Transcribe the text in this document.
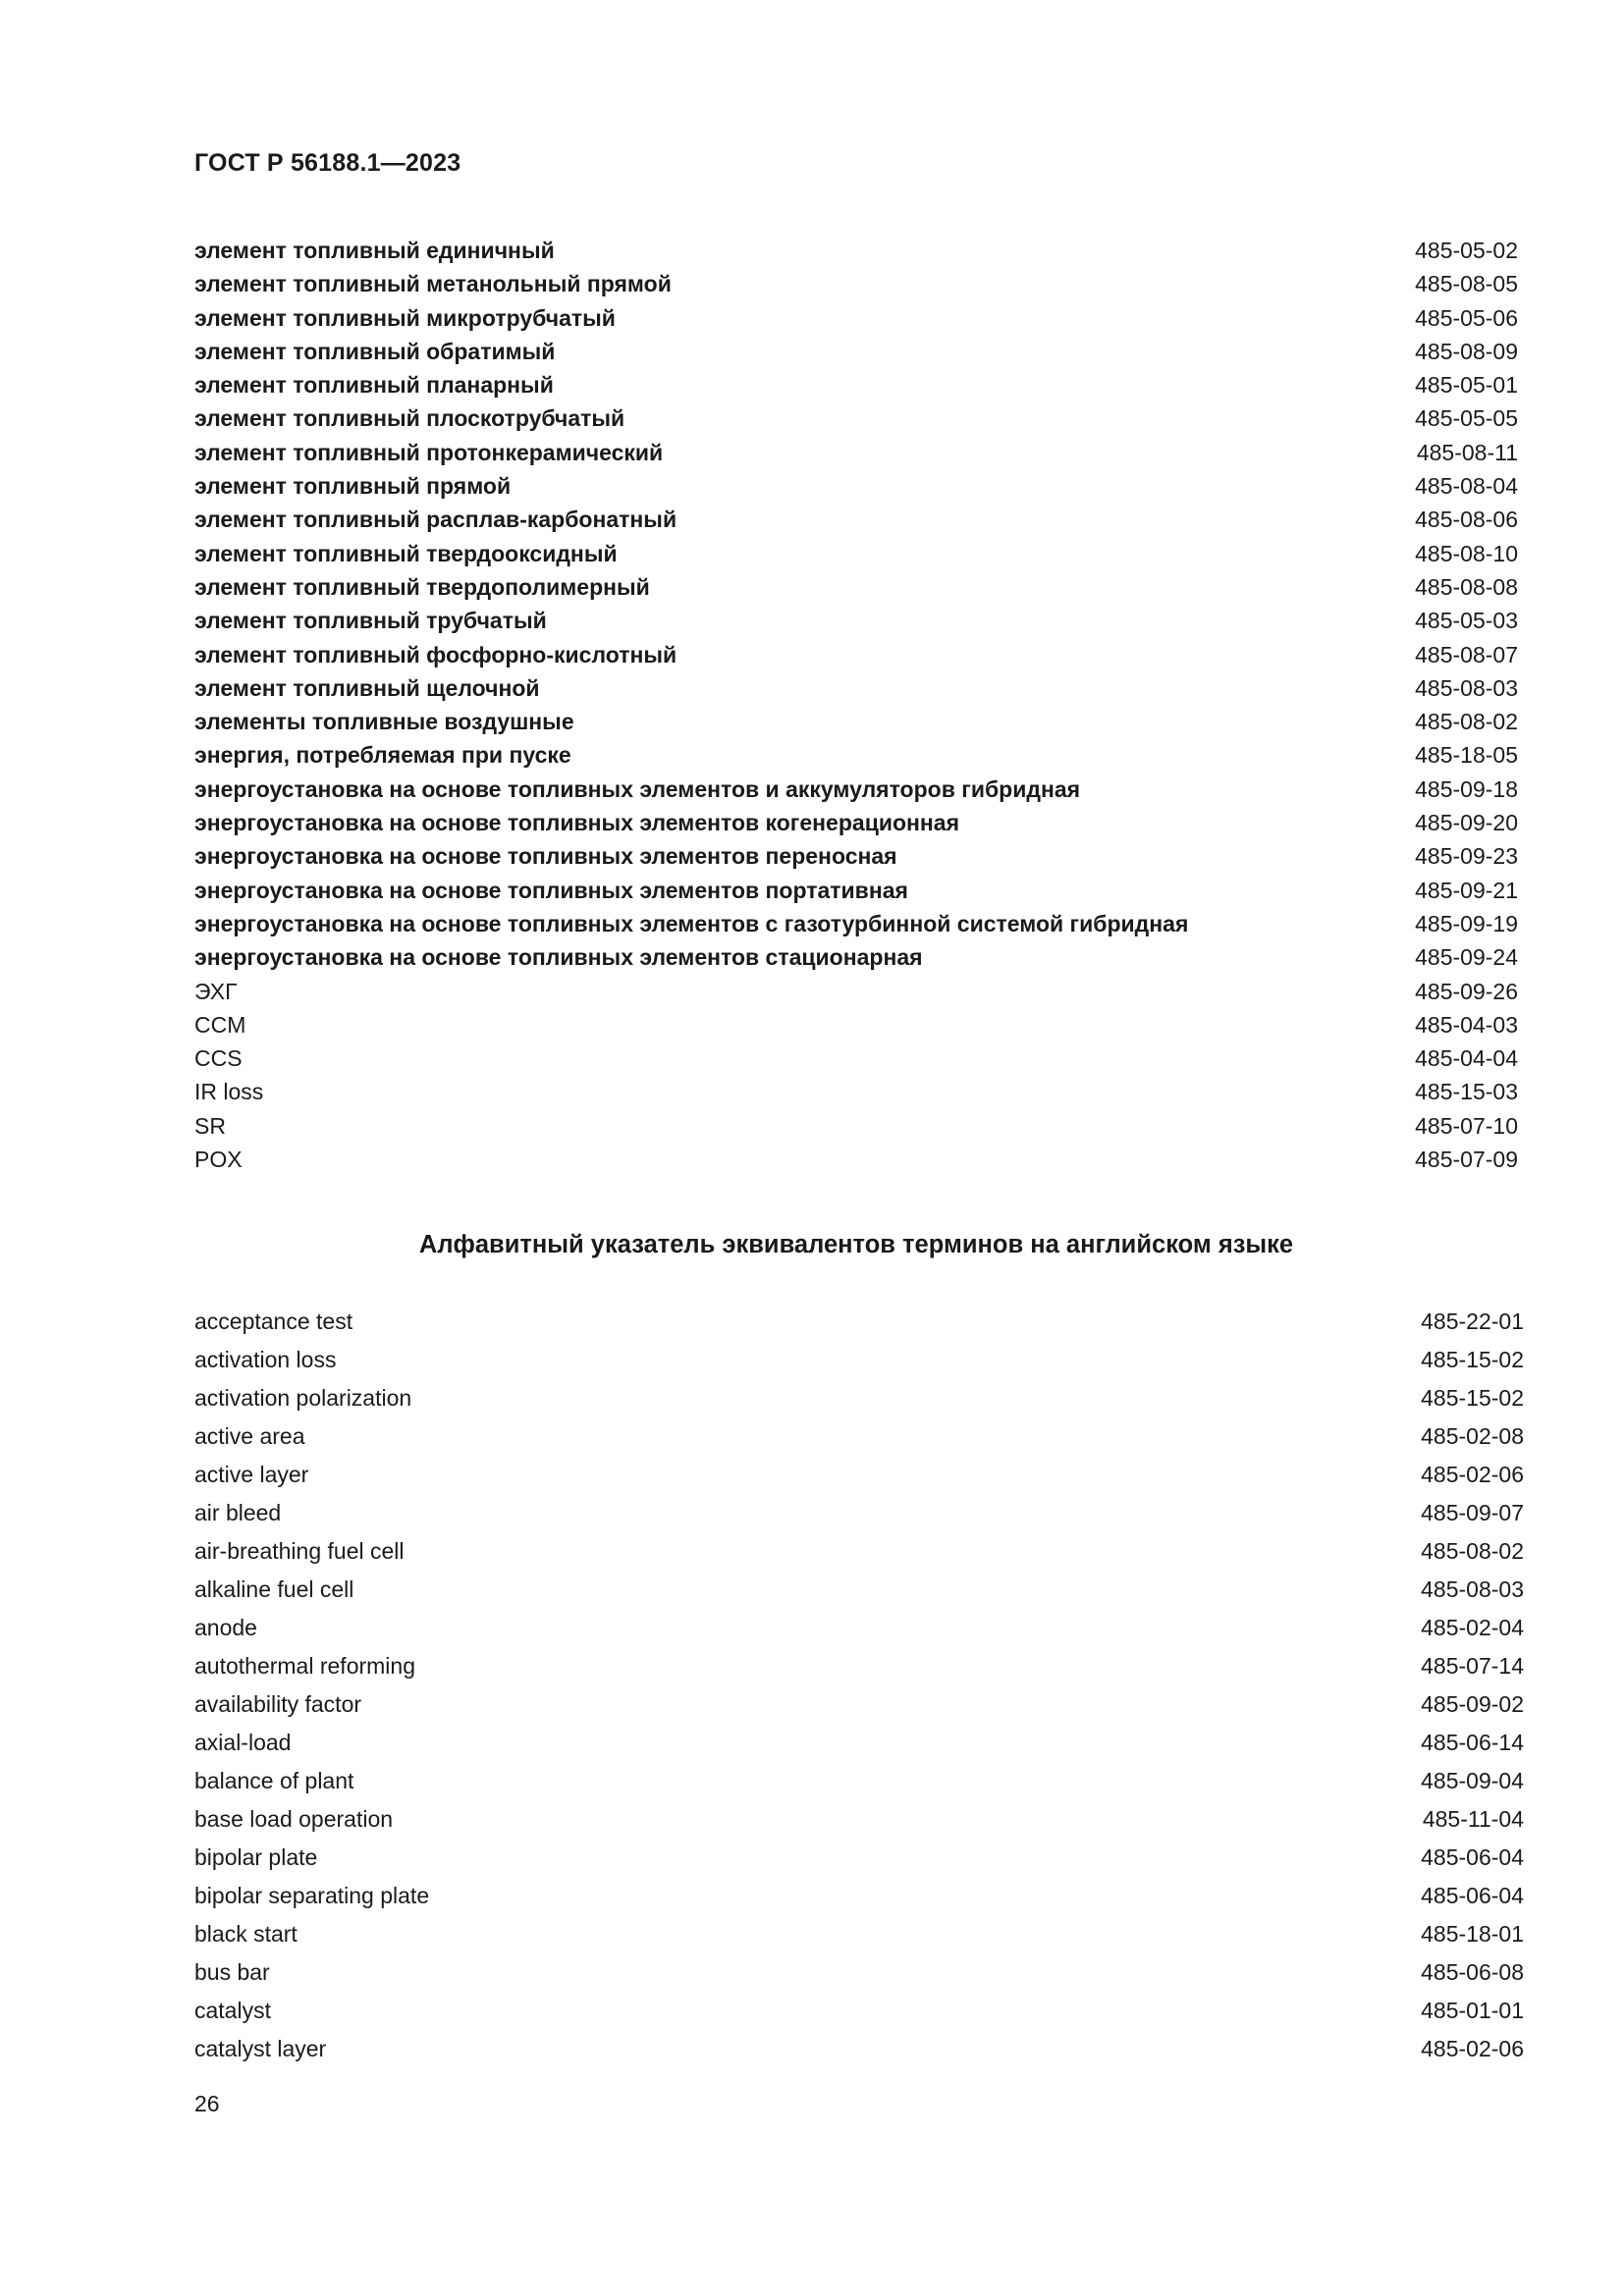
ГОСТ Р 56188.1—2023
элемент топливный единичный	485-05-02
элемент топливный метанольный прямой	485-08-05
элемент топливный микротрубчатый	485-05-06
элемент топливный обратимый	485-08-09
элемент топливный планарный	485-05-01
элемент топливный плоскотрубчатый	485-05-05
элемент топливный протонкерамический	485-08-11
элемент топливный прямой	485-08-04
элемент топливный расплав-карбонатный	485-08-06
элемент топливный твердооксидный	485-08-10
элемент топливный твердополимерный	485-08-08
элемент топливный трубчатый	485-05-03
элемент топливный фосфорно-кислотный	485-08-07
элемент топливный щелочной	485-08-03
элементы топливные воздушные	485-08-02
энергия, потребляемая при пуске	485-18-05
энергоустановка на основе топливных элементов и аккумуляторов гибридная	485-09-18
энергоустановка на основе топливных элементов когенерационная	485-09-20
энергоустановка на основе топливных элементов переносная	485-09-23
энергоустановка на основе топливных элементов портативная	485-09-21
энергоустановка на основе топливных элементов с газотурбинной системой гибридная	485-09-19
энергоустановка на основе топливных элементов стационарная	485-09-24
ЭХГ	485-09-26
CCM	485-04-03
CCS	485-04-04
IR loss	485-15-03
SR	485-07-10
POX	485-07-09
Алфавитный указатель эквивалентов терминов на английском языке
acceptance test	485-22-01
activation loss	485-15-02
activation polarization	485-15-02
active area	485-02-08
active layer	485-02-06
air bleed	485-09-07
air-breathing fuel cell	485-08-02
alkaline fuel cell	485-08-03
anode	485-02-04
autothermal reforming	485-07-14
availability factor	485-09-02
axial-load	485-06-14
balance of plant	485-09-04
base load operation	485-11-04
bipolar plate	485-06-04
bipolar separating plate	485-06-04
black start	485-18-01
bus bar	485-06-08
catalyst	485-01-01
catalyst layer	485-02-06
26
